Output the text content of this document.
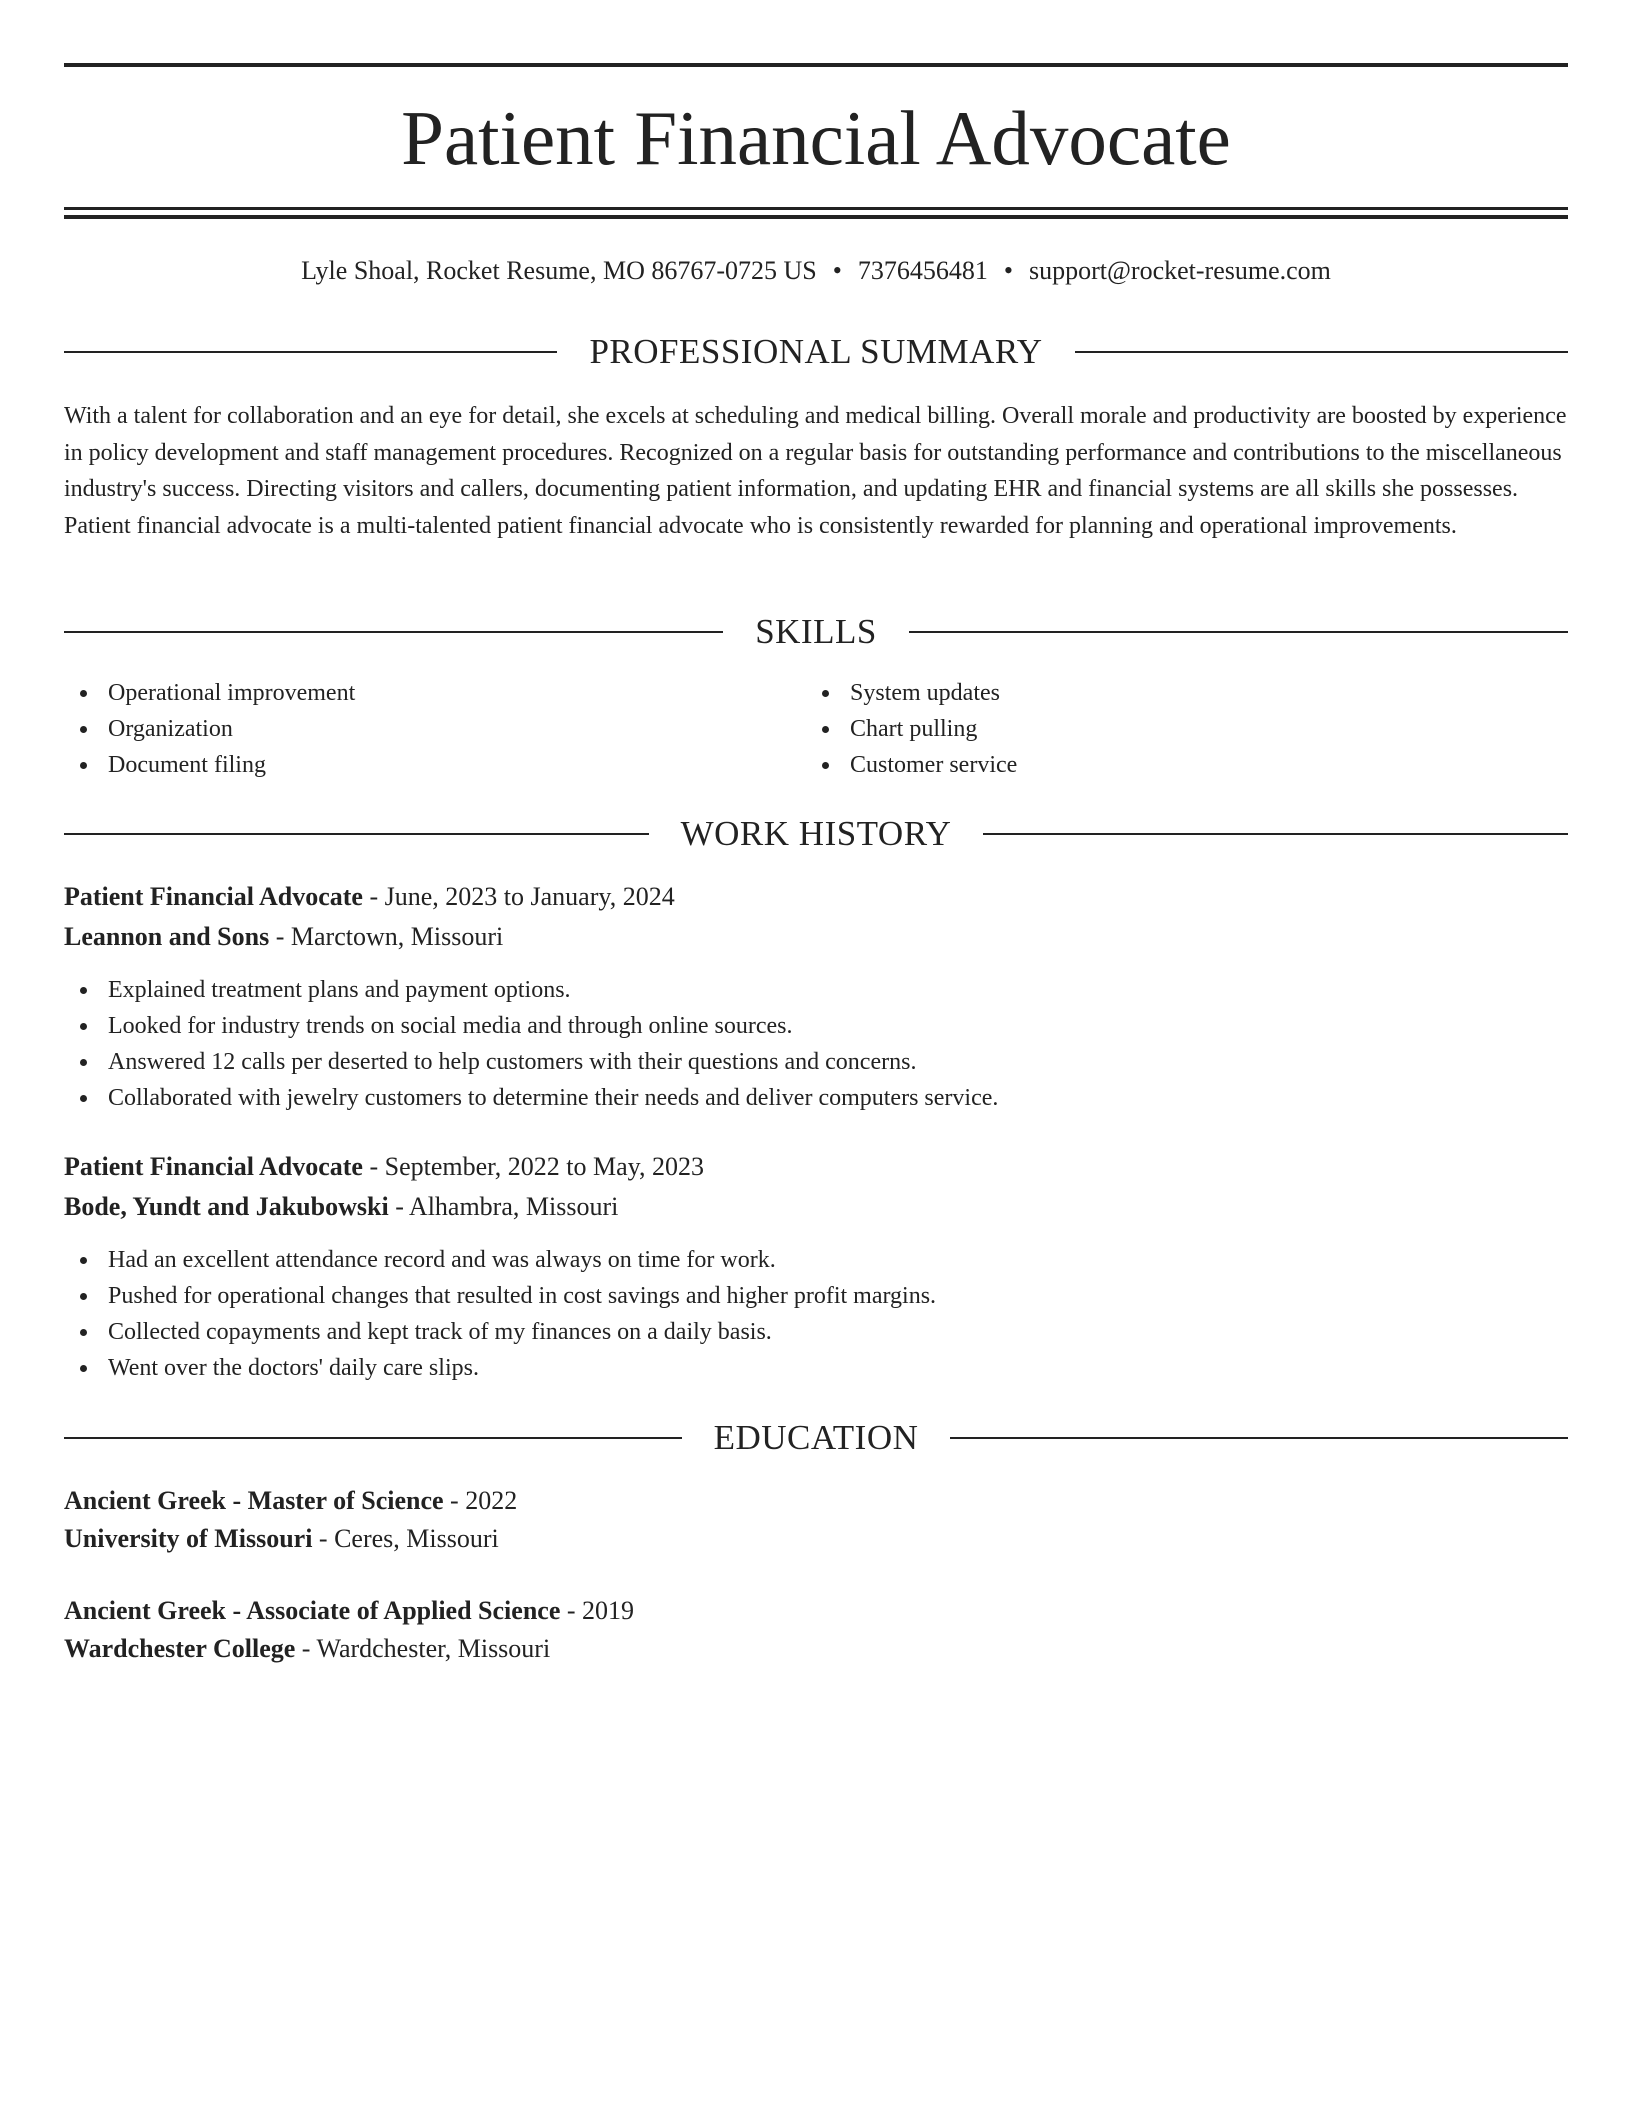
Patient Financial Advocate
Lyle Shoal, Rocket Resume, MO 86767-0725 US • 7376456481 • support@rocket-resume.com
PROFESSIONAL SUMMARY

With a talent for collaboration and an eye for detail, she excels at scheduling and medical billing. Overall morale and productivity are boosted by experience in policy development and staff management procedures. Recognized on a regular basis for outstanding performance and contributions to the miscellaneous industry's success. Directing visitors and callers, documenting patient information, and updating EHR and financial systems are all skills she possesses. Patient financial advocate is a multi-talented patient financial advocate who is consistently rewarded for planning and operational improvements.

SKILLS
Operational improvement
Organization
Document filing
System updates
Chart pulling
Customer service
WORK HISTORY
Patient Financial Advocate - June, 2023 to January, 2024
Leannon and Sons - Marctown, Missouri
Explained treatment plans and payment options.
Looked for industry trends on social media and through online sources.
Answered 12 calls per deserted to help customers with their questions and concerns.
Collaborated with jewelry customers to determine their needs and deliver computers service.
Patient Financial Advocate - September, 2022 to May, 2023
Bode, Yundt and Jakubowski - Alhambra, Missouri
Had an excellent attendance record and was always on time for work.
Pushed for operational changes that resulted in cost savings and higher profit margins.
Collected copayments and kept track of my finances on a daily basis.
Went over the doctors' daily care slips.
EDUCATION
Ancient Greek - Master of Science - 2022
University of Missouri - Ceres, Missouri
Ancient Greek - Associate of Applied Science - 2019
Wardchester College - Wardchester, Missouri
